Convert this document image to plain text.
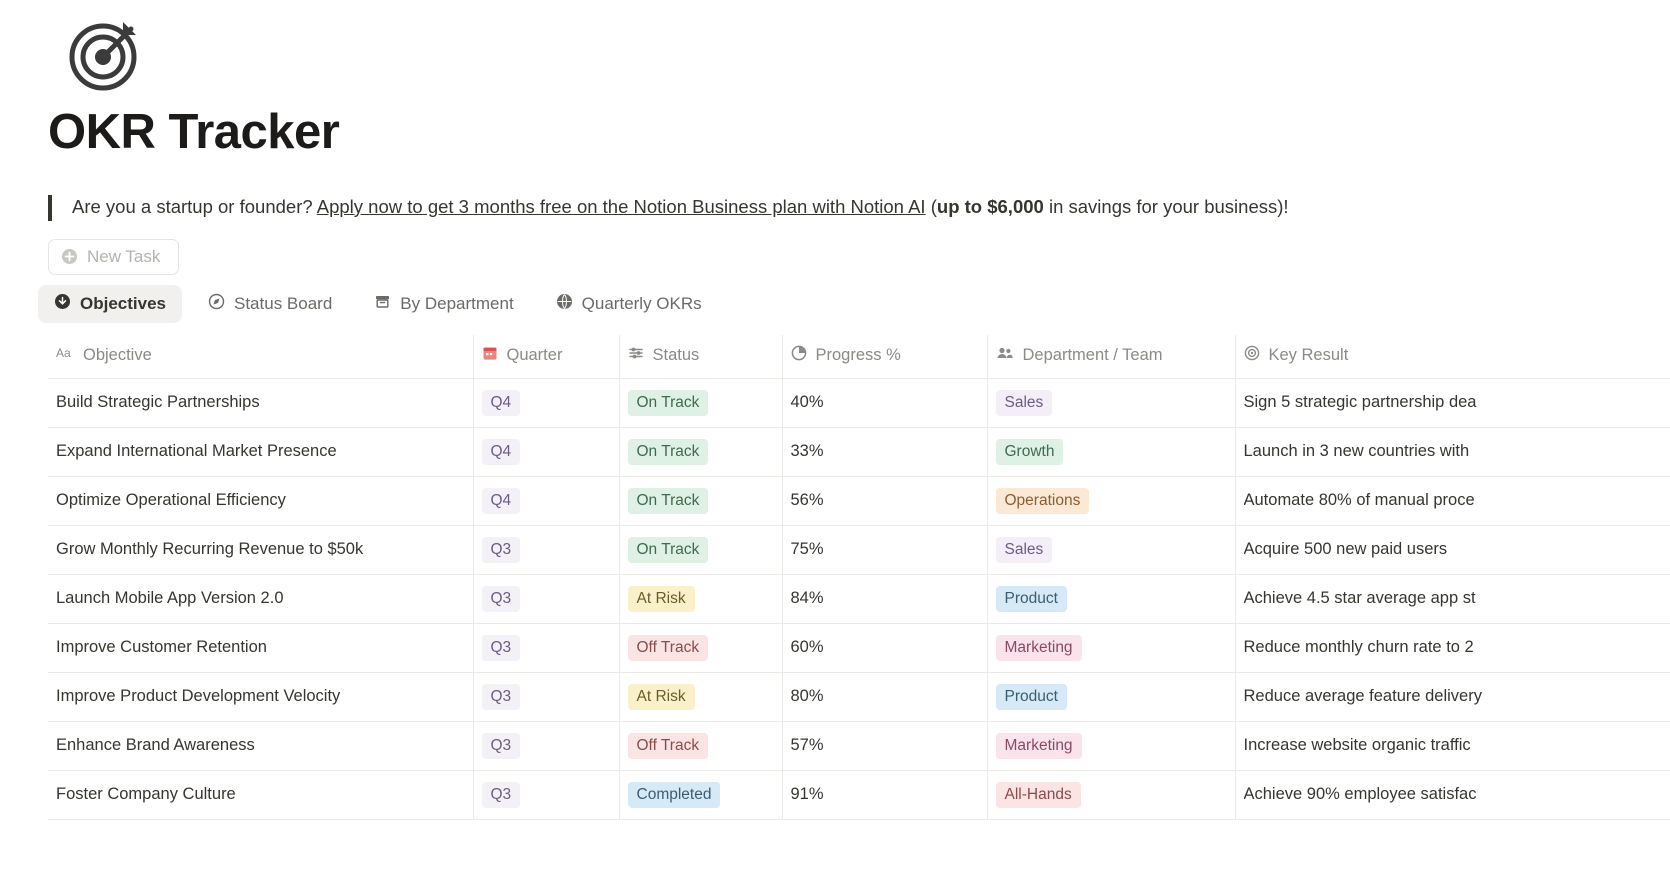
OKR Tracker
Are you a startup or founder? Apply now to get 3 months free on the Notion Business plan with Notion AI (up to $6,000 in savings for your business)!
New Task
Objectives	Status Board	By Department	Quarterly OKRs
Aa Objective	Quarter	Status	Progress %	Department / Team	Key Result

Build Strategic Partnerships	Q4	On Track	40%	Sales	Sign 5 strategic partnership dea

Expand International Market Presence	Q4	On Track	33%	Growth	Launch in 3 new countries with

Optimize Operational Efficiency	Q4	On Track	56%	Operations	Automate 80% of manual proce

Grow Monthly Recurring Revenue to $50k	Q3	On Track	75%	Sales	Acquire 500 new paid users

Launch Mobile App Version 2.0	Q3	At Risk	84%	Product	Achieve 4.5 star average app st

Improve Customer Retention	Q3	Off Track	60%	Marketing	Reduce monthly churn rate to 2

Improve Product Development Velocity	Q3	At Risk	80%	Product	Reduce average feature delivery

Enhance Brand Awareness	Q3	Off Track	57%	Marketing	Increase website organic traffic

Foster Company Culture	Q3	Completed	91%	All-Hands	Achieve 90% employee satisfac
